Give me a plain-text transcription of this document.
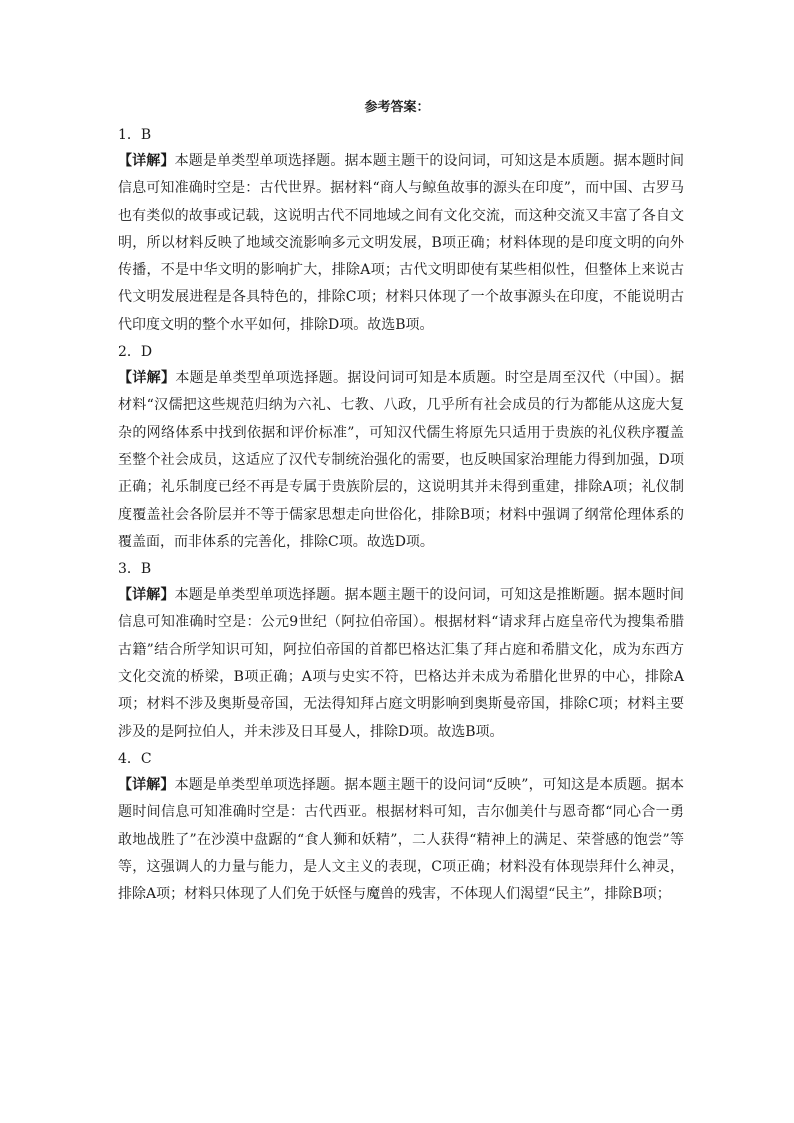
参考答案：

1．B

【详解】本题是单类型单项选择题。据本题主题干的设问词，可知这是本质题。据本题时间信息可知准确时空是：古代世界。据材料“商人与鲸鱼故事的源头在印度”，而中国、古罗马也有类似的故事或记载，这说明古代不同地域之间有文化交流，而这种交流又丰富了各自文明，所以材料反映了地域交流影响多元文明发展，B项正确；材料体现的是印度文明的向外传播，不是中华文明的影响扩大，排除A项；古代文明即使有某些相似性，但整体上来说古代文明发展进程是各具特色的，排除C项；材料只体现了一个故事源头在印度，不能说明古代印度文明的整个水平如何，排除D项。故选B项。

2．D

【详解】本题是单类型单项选择题。据设问词可知是本质题。时空是周至汉代（中国）。据材料“汉儒把这些规范归纳为六礼、七教、八政，几乎所有社会成员的行为都能从这庞大复杂的网络体系中找到依据和评价标准”，可知汉代儒生将原先只适用于贵族的礼仪秩序覆盖至整个社会成员，这适应了汉代专制统治强化的需要，也反映国家治理能力得到加强，D项正确；礼乐制度已经不再是专属于贵族阶层的，这说明其并未得到重建，排除A项；礼仪制度覆盖社会各阶层并不等于儒家思想走向世俗化，排除B项；材料中强调了纲常伦理体系的覆盖面，而非体系的完善化，排除C项。故选D项。

3．B

【详解】本题是单类型单项选择题。据本题主题干的设问词，可知这是推断题。据本题时间信息可知准确时空是：公元9世纪（阿拉伯帝国）。根据材料“请求拜占庭皇帝代为搜集希腊古籍”结合所学知识可知，阿拉伯帝国的首都巴格达汇集了拜占庭和希腊文化，成为东西方文化交流的桥梁，B项正确；A项与史实不符，巴格达并未成为希腊化世界的中心，排除A项；材料不涉及奥斯曼帝国，无法得知拜占庭文明影响到奥斯曼帝国，排除C项；材料主要涉及的是阿拉伯人，并未涉及日耳曼人，排除D项。故选B项。

4．C

【详解】本题是单类型单项选择题。据本题主题干的设问词“反映”，可知这是本质题。据本题时间信息可知准确时空是：古代西亚。根据材料可知，吉尔伽美什与恩奇都“同心合一勇敢地战胜了”在沙漠中盘踞的“食人狮和妖精”，二人获得“精神上的满足、荣誉感的饱尝”等等，这强调人的力量与能力，是人文主义的表现，C项正确；材料没有体现崇拜什么神灵，排除A项；材料只体现了人们免于妖怪与魔兽的残害，不体现人们渴望“民主”，排除B项；
